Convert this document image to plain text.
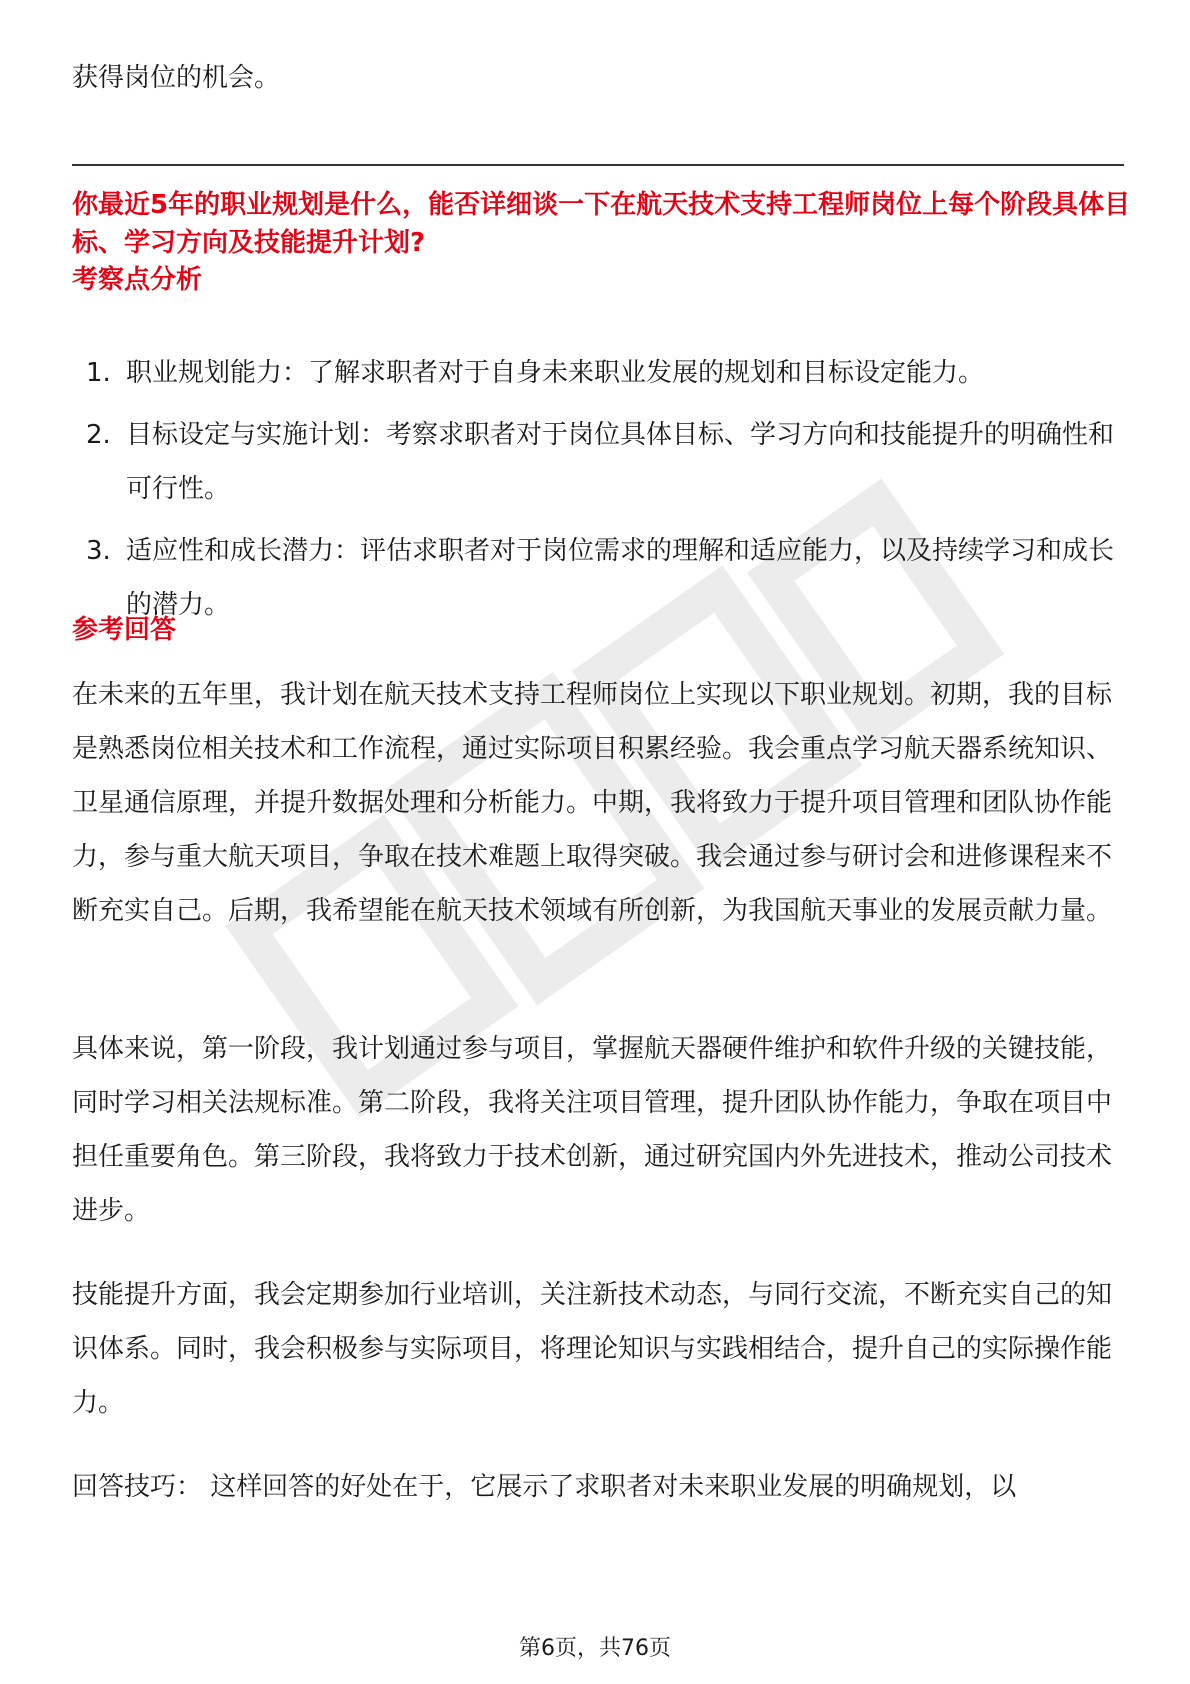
获得岗位的机会。

你最近5年的职业规划是什么，能否详细谈一下在航天技术支持工程师岗位上每个阶段具体目标、学习方向及技能提升计划?

考察点分析

1. 职业规划能力：了解求职者对于自身未来职业发展的规划和目标设定能力。
2. 目标设定与实施计划：考察求职者对于岗位具体目标、学习方向和技能提升的明确性和可行性。
3. 适应性和成长潜力：评估求职者对于岗位需求的理解和适应能力，以及持续学习和成长的潜力。

参考回答

在未来的五年里，我计划在航天技术支持工程师岗位上实现以下职业规划。初期，我的目标是熟悉岗位相关技术和工作流程，通过实际项目积累经验。我会重点学习航天器系统知识、卫星通信原理，并提升数据处理和分析能力。中期，我将致力于提升项目管理和团队协作能力，参与重大航天项目，争取在技术难题上取得突破。我会通过参与研讨会和进修课程来不断充实自己。后期，我希望能在航天技术领域有所创新，为我国航天事业的发展贡献力量。

具体来说，第一阶段，我计划通过参与项目，掌握航天器硬件维护和软件升级的关键技能，同时学习相关法规标准。第二阶段，我将关注项目管理，提升团队协作能力，争取在项目中担任重要角色。第三阶段，我将致力于技术创新，通过研究国内外先进技术，推动公司技术进步。

技能提升方面，我会定期参加行业培训，关注新技术动态，与同行交流，不断充实自己的知识体系。同时，我会积极参与实际项目，将理论知识与实践相结合，提升自己的实际操作能力。

回答技巧： 这样回答的好处在于，它展示了求职者对未来职业发展的明确规划，以

第6页，共76页
